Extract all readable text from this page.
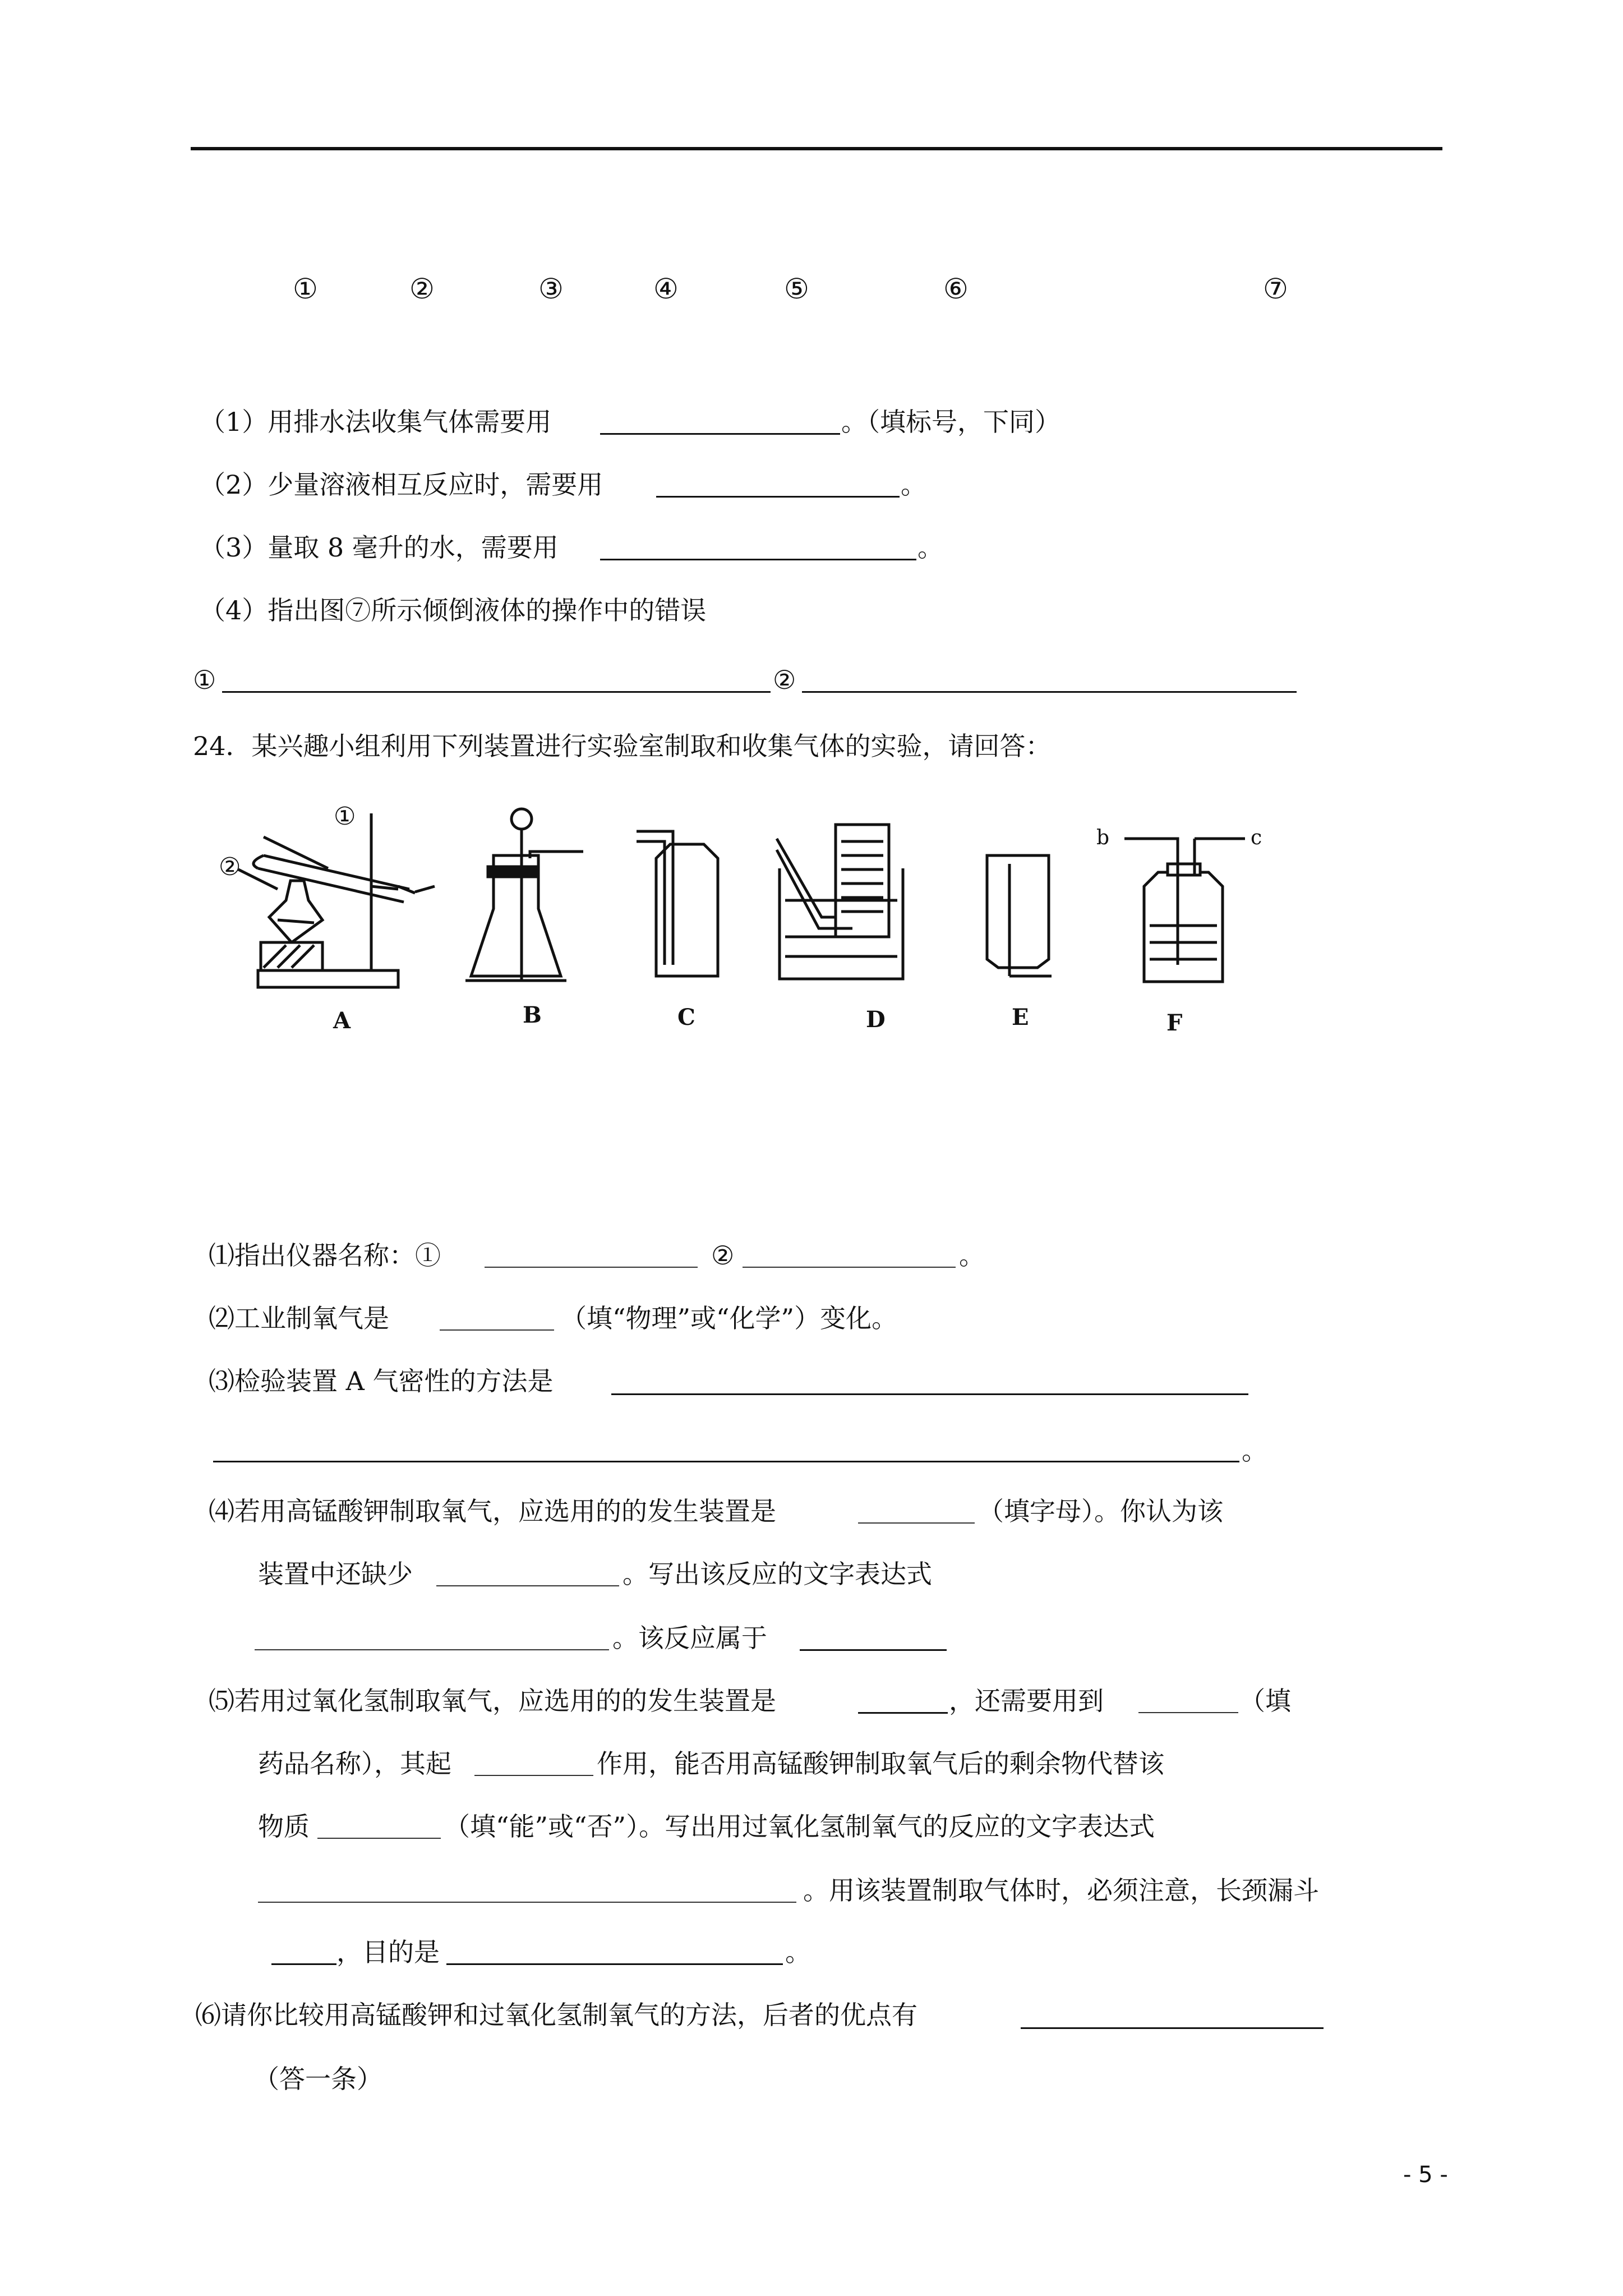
①	②	③	④	⑤	⑥	⑦
（1）用排水法收集气体需要用	。（填标号，下同）
（2）少量溶液相互反应时，需要用	。
（3）量取 8 毫升的水，需要用	。
（4）指出图⑦所示倾倒液体的操作中的错误
①	②
24．某兴趣小组利用下列装置进行实验室制取和收集气体的实验，请回答：
①
②
b	c
A	B	C	D	E	F
⑴指出仪器名称：①	②	。
⑵工业制氧气是	（填“物理”或“化学”）变化。
⑶检验装置 A 气密性的方法是
。
⑷若用高锰酸钾制取氧气，应选用的的发生装置是	（填字母）。你认为该
装置中还缺少	。写出该反应的文字表达式
。该反应属于
⑸若用过氧化氢制取氧气，应选用的的发生装置是	，还需要用到	（填
药品名称），其起	作用，能否用高锰酸钾制取氧气后的剩余物代替该
物质	（填“能”或“否”）。写出用过氧化氢制氧气的反应的文字表达式
。用该装置制取气体时，必须注意，长颈漏斗
，目的是	。
⑹请你比较用高锰酸钾和过氧化氢制氧气的方法，后者的优点有
（答一条）
- 5 -
